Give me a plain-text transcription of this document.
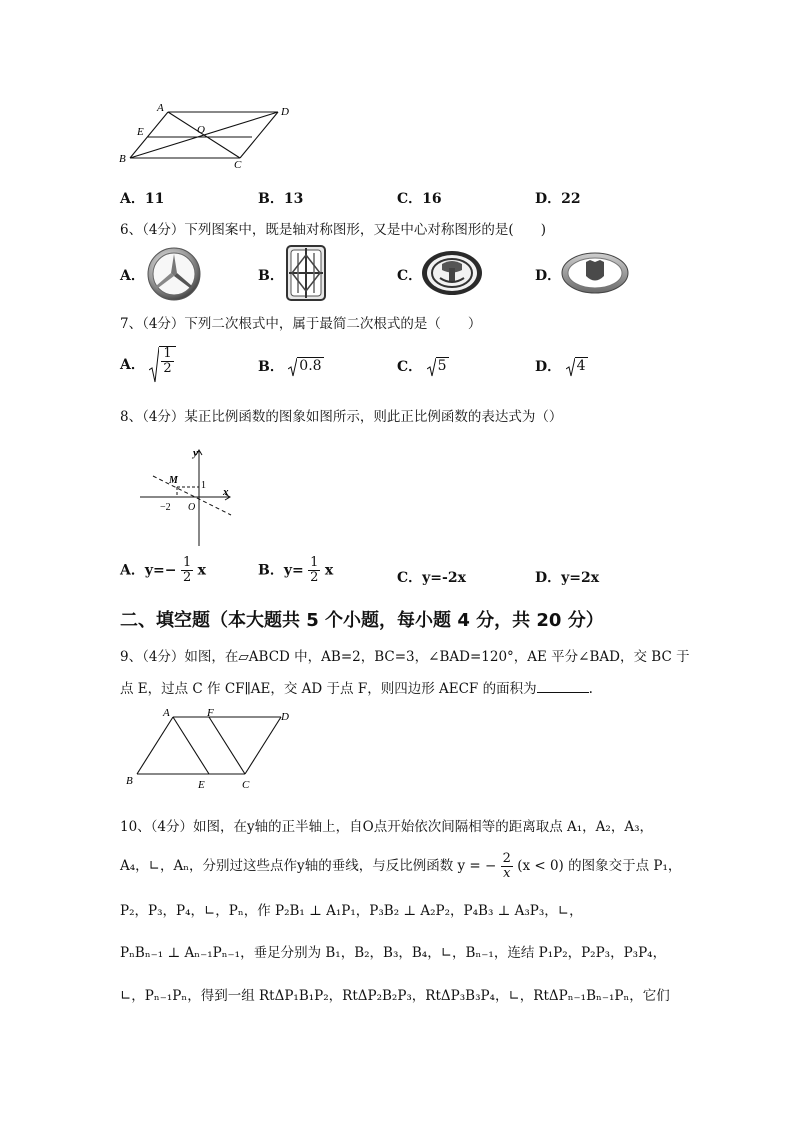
A	D
E	O
B	C
A．11	B．13	C．16	D．22
6、（4分）下列图案中，既是轴对称图形，又是中心对称图形的是(　　)
A．	B．	C．	D．
7、（4分）下列二次根式中，属于最简二次根式的是（　　）
A． $\frac{1}{2}$	B． 0.8	C． 5	D． 4
8、（4分）某正比例函数的图象如图所示，则此正比例函数的表达式为（）
y
x
M 1
−2 O
A．$y=- \frac{1}{2}$ x	B．$y= \frac{1}{2}$ x	C．y=-2x	D．y=2x
二、填空题（本大题共 5 个小题，每小题 4 分，共 20 分）
9、（4分）如图，在▱ABCD 中，AB=2，BC=3，∠BAD=120°，AE 平分∠BAD，交 BC 于
点 E，过点 C 作 CF∥AE，交 AD 于点 F，则四边形 AECF 的面积为	.
A	F	D
B	E	C
10、（4分）如图，在y轴的正半轴上，自O点开始依次间隔相等的距离取点 A₁，A₂，A₃，
A₄，∟，Aₙ，分别过这些点作y轴的垂线，与反比例函数 y = − $\frac{2}{x} (x < 0)$ 的图象交于点 P₁，
P₂，P₃，P₄，∟，Pₙ，作 P₂B₁ ⊥ A₁P₁，P₃B₂ ⊥ A₂P₂，P₄B₃ ⊥ A₃P₃，∟，
PₙBₙ₋₁ ⊥ Aₙ₋₁Pₙ₋₁，垂足分别为 B₁，B₂，B₃，B₄，∟，Bₙ₋₁，连结 P₁P₂，P₂P₃，P₃P₄，
∟，Pₙ₋₁Pₙ，得到一组 RtΔP₁B₁P₂，RtΔP₂B₂P₃，RtΔP₃B₃P₄，∟，RtΔPₙ₋₁Bₙ₋₁Pₙ，它们
